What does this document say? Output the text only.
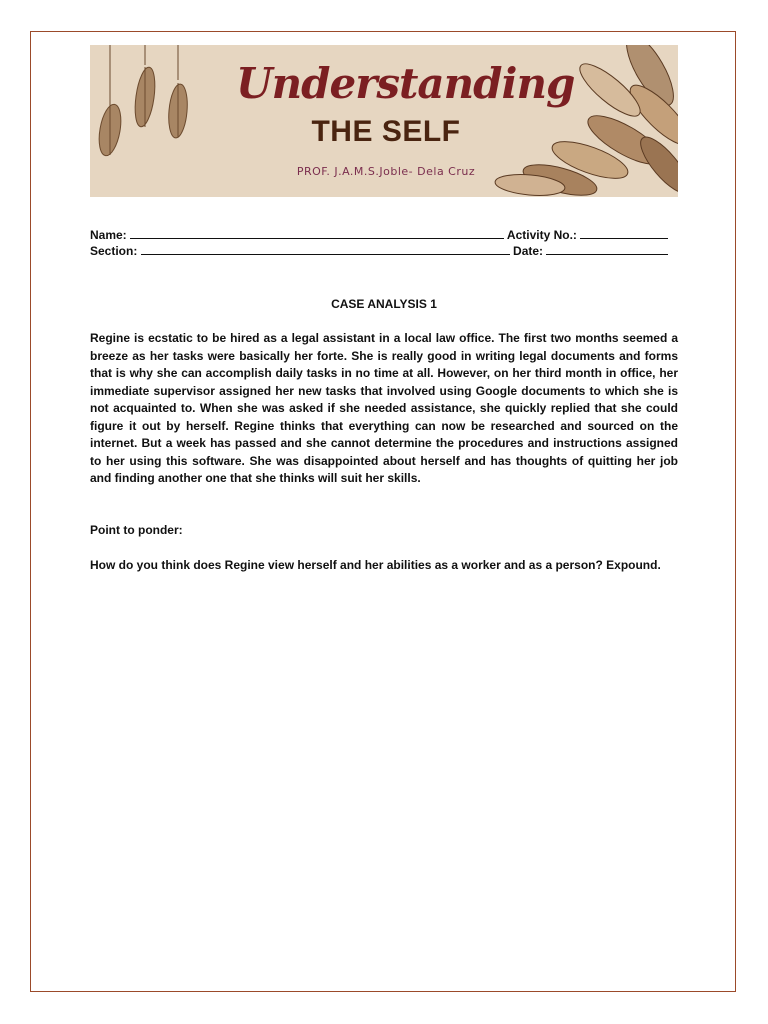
Understanding
THE SELF
PROF. J.A.M.S.Joble- Dela Cruz
Name:	Activity No.:
Section:	Date:
CASE ANALYSIS 1
Regine is ecstatic to be hired as a legal assistant in a local law office. The first two months seemed a breeze as her tasks were basically her forte. She is really good in writing legal documents and forms that is why she can accomplish daily tasks in no time at all. However, on her third month in office, her immediate supervisor assigned her new tasks that involved using Google documents to which she is not acquainted to. When she was asked if she needed assistance, she quickly replied that she could figure it out by herself. Regine thinks that everything can now be researched and sourced on the internet. But a week has passed and she cannot determine the procedures and instructions assigned to her using this software. She was disappointed about herself and has thoughts of quitting her job and finding another one that she thinks will suit her skills.
Point to ponder:
How do you think does Regine view herself and her abilities as a worker and as a person? Expound.
